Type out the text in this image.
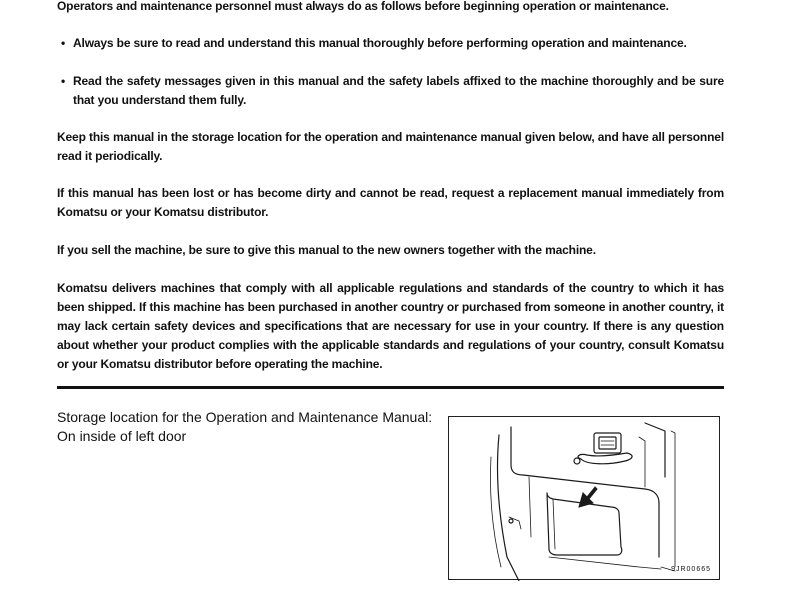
Operators and maintenance personnel must always do as follows before beginning operation or maintenance.

• Always be sure to read and understand this manual thoroughly before performing operation and maintenance.
• Read the safety messages given in this manual and the safety labels affixed to the machine thoroughly and be sure that you understand them fully.

Keep this manual in the storage location for the operation and maintenance manual given below, and have all personnel read it periodically.

If this manual has been lost or has become dirty and cannot be read, request a replacement manual immediately from Komatsu or your Komatsu distributor.

If you sell the machine, be sure to give this manual to the new owners together with the machine.

Komatsu delivers machines that comply with all applicable regulations and standards of the country to which it has been shipped. If this machine has been purchased in another country or purchased from someone in another country, it may lack certain safety devices and specifications that are necessary for use in your country. If there is any question about whether your product complies with the applicable standards and regulations of your country, consult Komatsu or your Komatsu distributor before operating the machine.

Storage location for the Operation and Maintenance Manual:
On inside of left door
9JR00665
